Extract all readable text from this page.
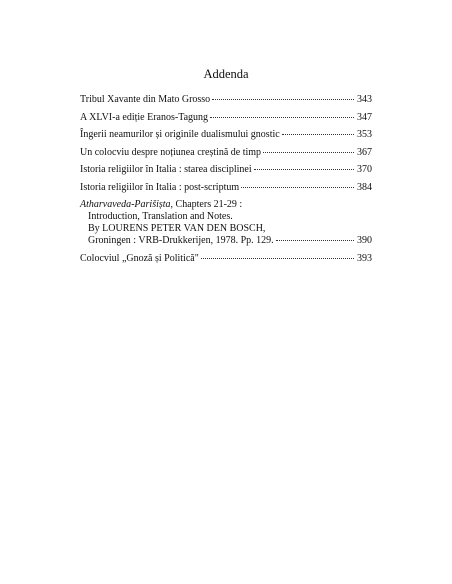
Addenda
Tribul Xavante din Mato Grosso	343
A XLVI-a ediție Eranos-Tagung	347
Îngerii neamurilor și originile dualismului gnostic	353
Un colocviu despre noțiunea creștină de timp	367
Istoria religiilor în Italia : starea disciplinei	370
Istoria religiilor în Italia : post-scriptum	384
Atharvaveda-Parišișta, Chapters 21-29 :
Introduction, Translation and Notes.
By LOURENS PETER VAN DEN BOSCH,
Groningen : VRB-Drukkerijen, 1978. Pp. 129.	390
Colocviul „Gnoză și Politică"	393
